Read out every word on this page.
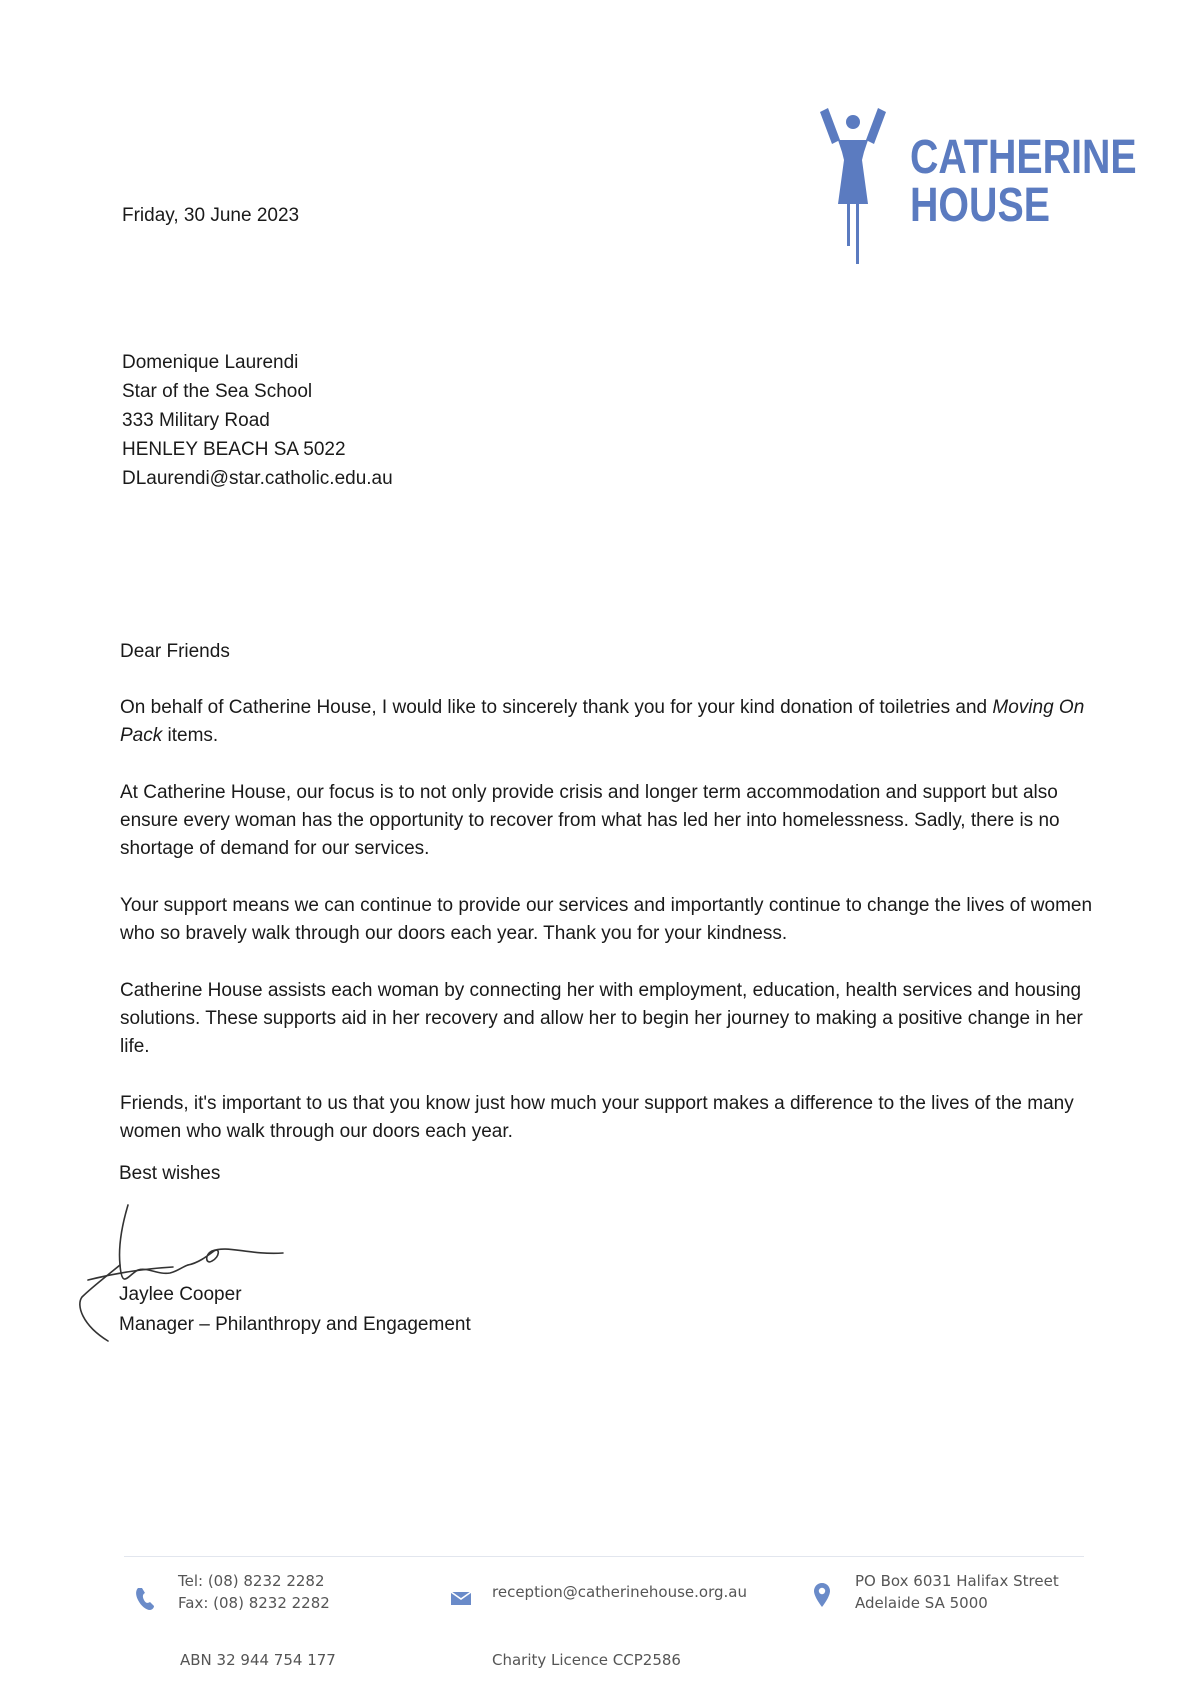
CATHERINE
HOUSE
Friday, 30 June 2023
Domenique Laurendi
Star of the Sea School
333 Military Road
HENLEY BEACH SA 5022
DLaurendi@star.catholic.edu.au

Dear Friends

On behalf of Catherine House, I would like to sincerely thank you for your kind donation of toiletries and Moving On Pack items.

At Catherine House, our focus is to not only provide crisis and longer term accommodation and support but also ensure every woman has the opportunity to recover from what has led her into homelessness. Sadly, there is no shortage of demand for our services.

Your support means we can continue to provide our services and importantly continue to change the lives of women who so bravely walk through our doors each year. Thank you for your kindness.

Catherine House assists each woman by connecting her with employment, education, health services and housing solutions. These supports aid in her recovery and allow her to begin her journey to making a positive change in her life.

Friends, it's important to us that you know just how much your support makes a difference to the lives of the many women who walk through our doors each year.

Best wishes
Jaylee Cooper
Manager – Philanthropy and Engagement
Tel: (08) 8232 2282
Fax: (08) 8232 2282
reception@catherinehouse.org.au
PO Box 6031 Halifax Street
Adelaide SA 5000
ABN 32 944 754 177	Charity Licence CCP2586
